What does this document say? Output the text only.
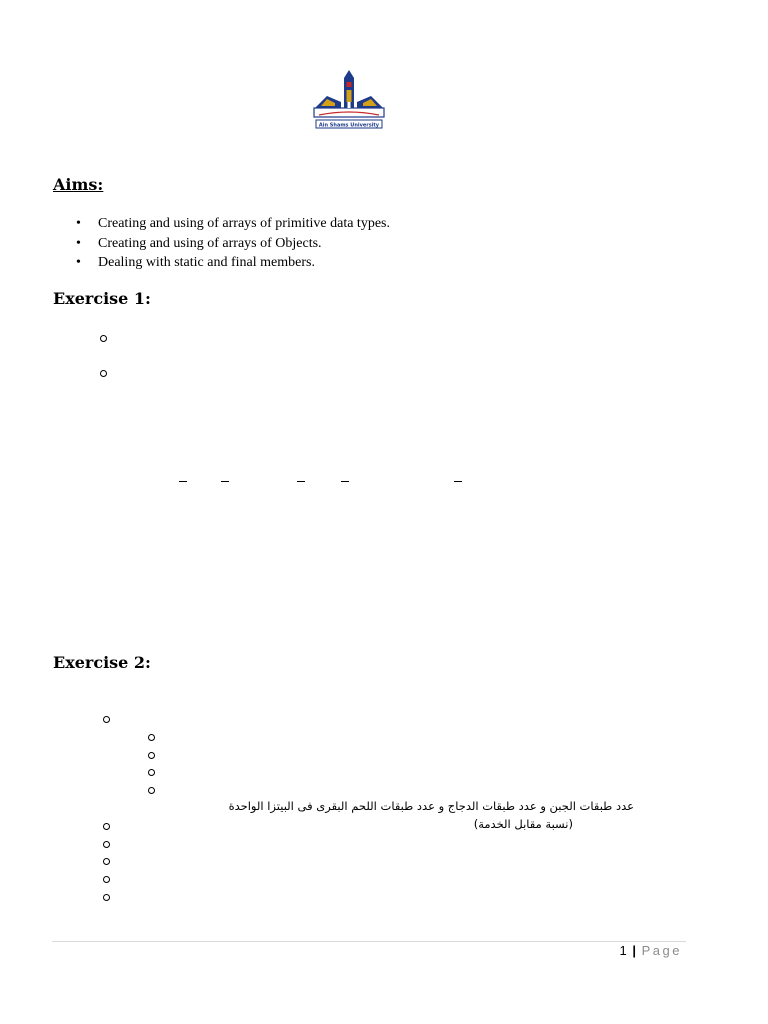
Ain Shams University
Aims:
•	Creating and using of arrays of primitive data types.
•	Creating and using of arrays of Objects.
•	Dealing with static and final members.
Exercise 1:
Exercise 2:
عدد طبقات الجبن و عدد طبقات الدجاج و عدد طبقات اللحم البقرى فى البيتزا الواحدة
(نسبة مقابل الخدمة)
1 | Page
